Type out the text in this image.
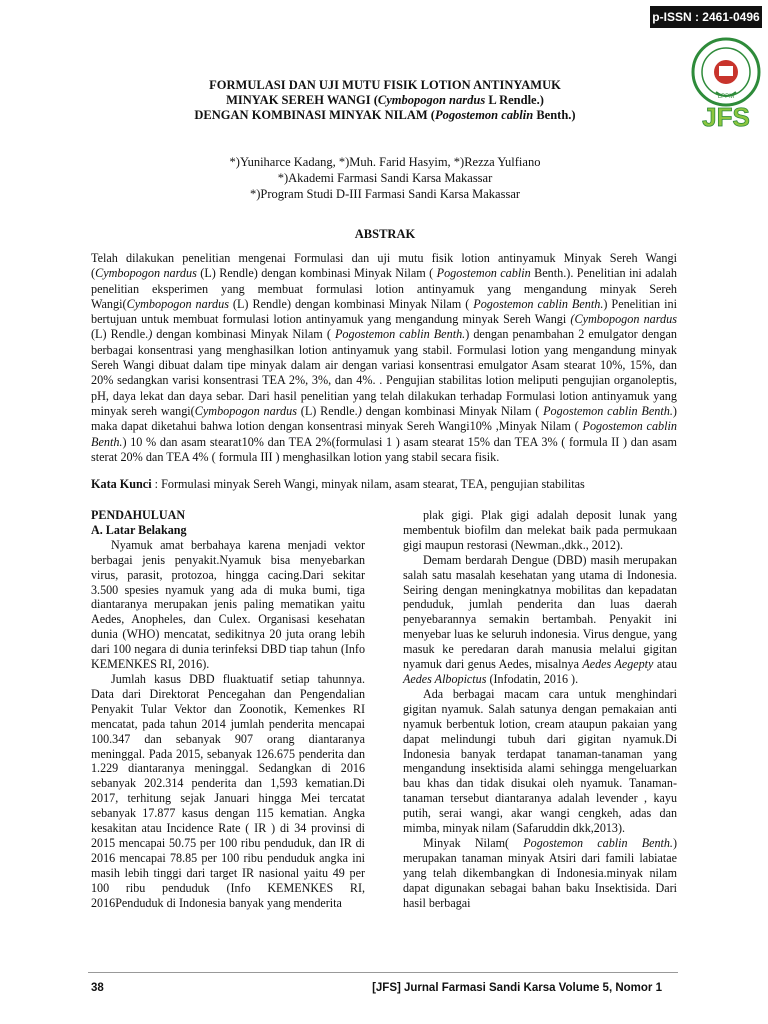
p-ISSN : 2461-0496
JFS
LPPM
FORMULASI DAN UJI MUTU FISIK LOTION ANTINYAMUK
MINYAK SEREH WANGI (Cymbopogon nardus L Rendle.)
DENGAN KOMBINASI MINYAK NILAM (Pogostemon cablin Benth.)
*)Yuniharce Kadang, *)Muh. Farid Hasyim, *)Rezza Yulfiano
*)Akademi Farmasi Sandi Karsa Makassar
*)Program Studi D-III Farmasi Sandi Karsa Makassar
ABSTRAK
Telah dilakukan penelitian mengenai Formulasi dan uji mutu fisik lotion antinyamuk Minyak Sereh Wangi (Cymbopogon nardus (L) Rendle) dengan kombinasi Minyak Nilam ( Pogostemon cablin Benth.). Penelitian ini adalah penelitian eksperimen yang membuat formulasi lotion antinyamuk yang mengandung minyak Sereh Wangi(Cymbopogon nardus (L) Rendle) dengan kombinasi Minyak Nilam ( Pogostemon cablin Benth.) Penelitian ini bertujuan untuk membuat formulasi lotion antinyamuk yang mengandung minyak Sereh Wangi (Cymbopogon nardus (L) Rendle.) dengan kombinasi Minyak Nilam ( Pogostemon cablin Benth.) dengan penambahan 2 emulgator dengan berbagai konsentrasi yang menghasilkan lotion antinyamuk yang stabil. Formulasi lotion yang mengandung minyak Sereh Wangi dibuat dalam tipe minyak dalam air dengan variasi konsentrasi emulgator Asam stearat 10%, 15%, dan 20% sedangkan varisi konsentrasi TEA 2%, 3%, dan 4%. . Pengujian stabilitas lotion meliputi pengujian organoleptis, pH, daya lekat dan daya sebar. Dari hasil penelitian yang telah dilakukan terhadap Formulasi lotion antinyamuk yang minyak sereh wangi(Cymbopogon nardus (L) Rendle.) dengan kombinasi Minyak Nilam ( Pogostemon cablin Benth.) maka dapat diketahui bahwa lotion dengan konsentrasi minyak Sereh Wangi10% ,Minyak Nilam ( Pogostemon cablin Benth.) 10 % dan asam stearat10% dan TEA 2%(formulasi 1 ) asam stearat 15% dan TEA 3% ( formula II ) dan asam sterat 20% dan TEA 4% ( formula III ) menghasilkan lotion yang stabil secara fisik.
Kata Kunci : Formulasi minyak Sereh Wangi, minyak nilam, asam stearat, TEA, pengujian stabilitas

PENDAHULUAN

A. Latar Belakang

Nyamuk amat berbahaya karena menjadi vektor berbagai jenis penyakit.Nyamuk bisa menyebarkan virus, parasit, protozoa, hingga cacing.Dari sekitar 3.500 spesies nyamuk yang ada di muka bumi, tiga diantaranya merupakan jenis paling mematikan yaitu Aedes, Anopheles, dan Culex. Organisasi kesehatan dunia (WHO) mencatat, sedikitnya 20 juta orang lebih dari 100 negara di dunia terinfeksi DBD tiap tahun (Info KEMENKES RI, 2016).

Jumlah kasus DBD fluaktuatif setiap tahunnya. Data dari Direktorat Pencegahan dan Pengendalian Penyakit Tular Vektor dan Zoonotik, Kemenkes RI mencatat, pada tahun 2014 jumlah penderita mencapai 100.347 dan sebanyak 907 orang diantaranya meninggal. Pada 2015, sebanyak 126.675 penderita dan 1.229 diantaranya meninggal. Sedangkan di 2016 sebanyak 202.314 penderita dan 1,593 kematian.Di 2017, terhitung sejak Januari hingga Mei tercatat sebanyak 17.877 kasus dengan 115 kematian. Angka kesakitan atau Incidence Rate ( IR ) di 34 provinsi di 2015 mencapai 50.75 per 100 ribu penduduk, dan IR di 2016 mencapai 78.85 per 100 ribu penduduk angka ini masih lebih tinggi dari target IR nasional yaitu 49 per 100 ribu penduduk (Info KEMENKES RI, 2016Penduduk di Indonesia banyak yang menderita

plak gigi. Plak gigi adalah deposit lunak yang membentuk biofilm dan melekat baik pada permukaan gigi maupun restorasi (Newman.,dkk., 2012).

Demam berdarah Dengue (DBD) masih merupakan salah satu masalah kesehatan yang utama di Indonesia. Seiring dengan meningkatnya mobilitas dan kepadatan penduduk, jumlah penderita dan luas daerah penyebarannya semakin bertambah. Penyakit ini menyebar luas ke seluruh indonesia. Virus dengue, yang masuk ke peredaran darah manusia melalui gigitan nyamuk dari genus Aedes, misalnya Aedes Aegepty atau Aedes Albopictus (Infodatin, 2016 ).

Ada berbagai macam cara untuk menghindari gigitan nyamuk. Salah satunya dengan pemakaian anti nyamuk berbentuk lotion, cream ataupun pakaian yang dapat melindungi tubuh dari gigitan nyamuk.Di Indonesia banyak terdapat tanaman-tanaman yang mengandung insektisida alami sehingga mengeluarkan bau khas dan tidak disukai oleh nyamuk. Tanaman-tanaman tersebut diantaranya adalah levender , kayu putih, serai wangi, akar wangi cengkeh, adas dan mimba, minyak nilam (Safaruddin dkk,2013).

Minyak Nilam( Pogostemon cablin Benth.) merupakan tanaman minyak Atsiri dari famili labiatae yang telah dikembangkan di Indonesia.minyak nilam dapat digunakan sebagai bahan baku Insektisida. Dari hasil berbagai

38	[JFS] Jurnal Farmasi Sandi Karsa Volume 5, Nomor 1
